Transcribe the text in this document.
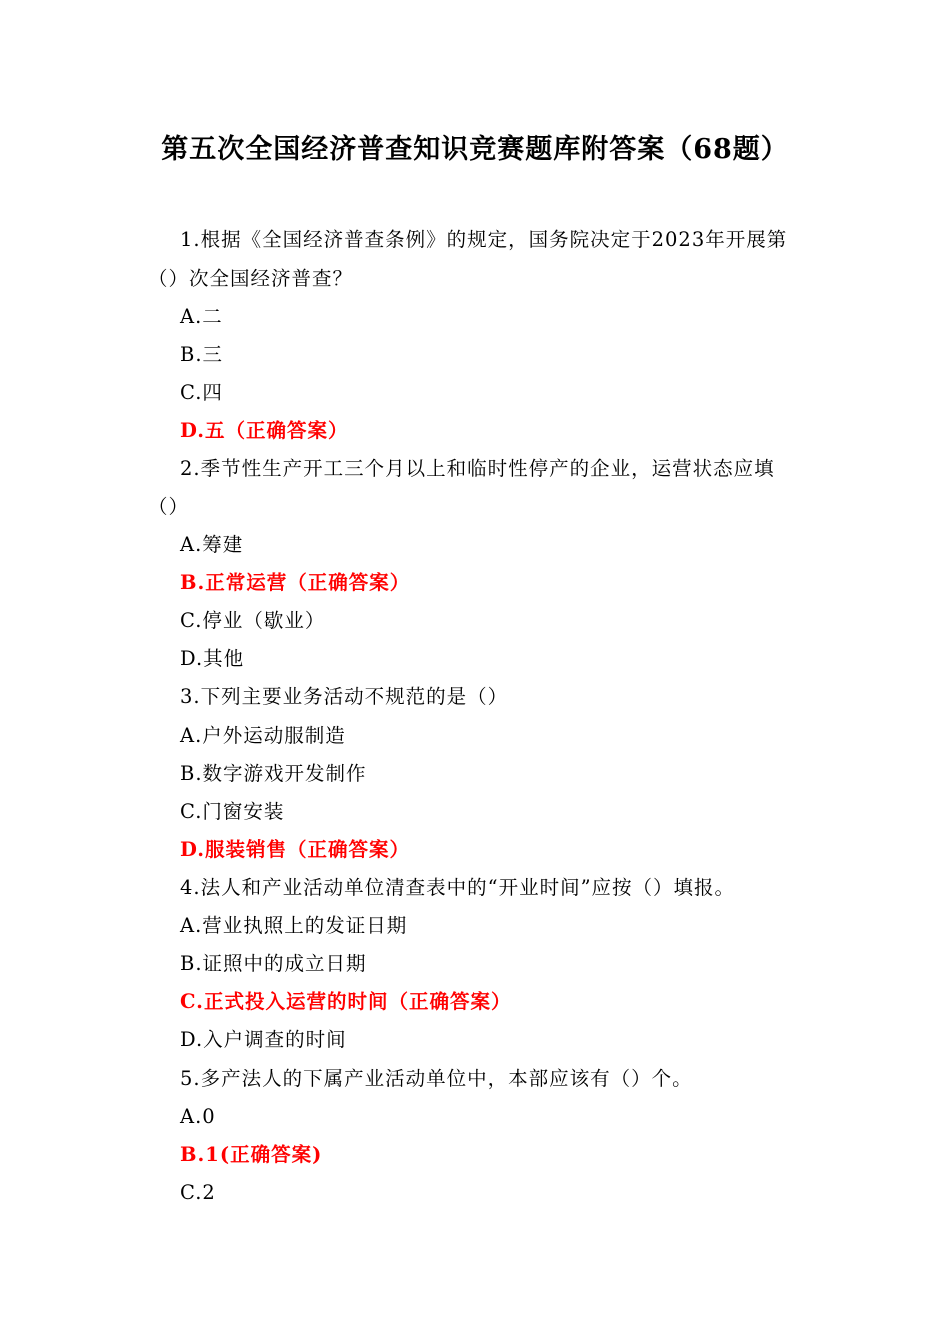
第五次全国经济普查知识竞赛题库附答案（68题）
1.根据《全国经济普查条例》的规定，国务院决定于2023年开展第
（）次全国经济普查？
A.二
B.三
C.四
D.五（正确答案）
2.季节性生产开工三个月以上和临时性停产的企业，运营状态应填
（）
A.筹建
B.正常运营（正确答案）
C.停业（歇业）
D.其他
3.下列主要业务活动不规范的是（）
A.户外运动服制造
B.数字游戏开发制作
C.门窗安装
D.服装销售（正确答案）
4.法人和产业活动单位清查表中的“开业时间”应按（）填报。
A.营业执照上的发证日期
B.证照中的成立日期
C.正式投入运营的时间（正确答案）
D.入户调查的时间
5.多产法人的下属产业活动单位中，本部应该有（）个。
A.0
B.1(正确答案)
C.2
